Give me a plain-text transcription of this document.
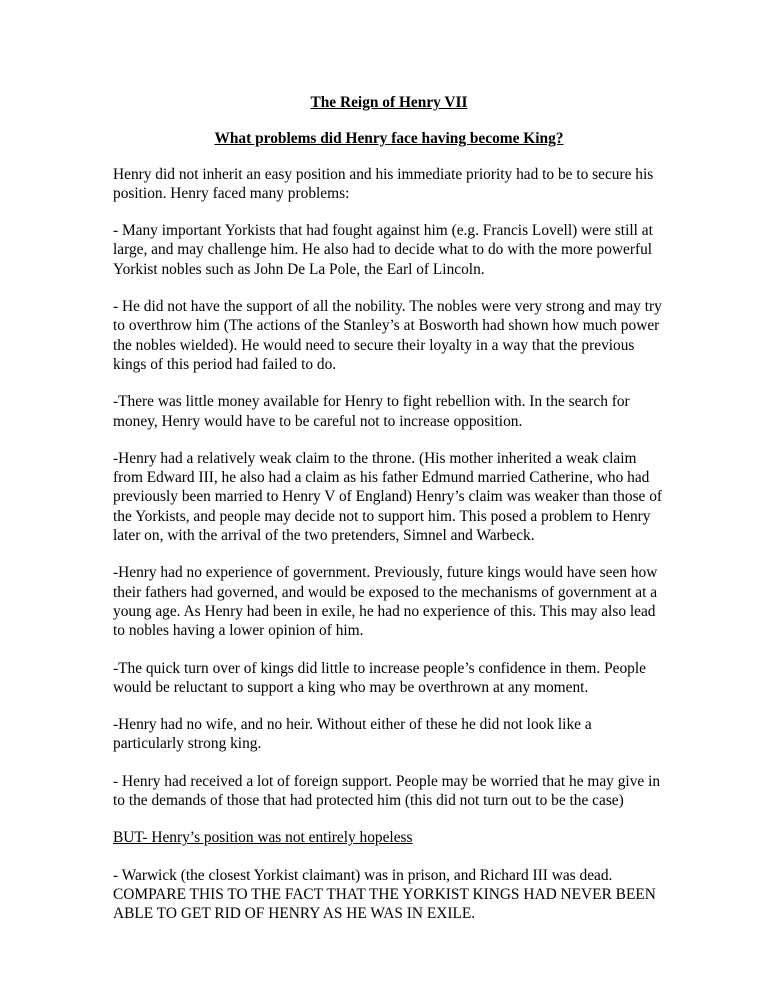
The Reign of Henry VII

What problems did Henry face having become King?

Henry did not inherit an easy position and his immediate priority had to be to secure his position. Henry faced many problems:

- Many important Yorkists that had fought against him (e.g. Francis Lovell) were still at large, and may challenge him. He also had to decide what to do with the more powerful Yorkist nobles such as John De La Pole, the Earl of Lincoln.

- He did not have the support of all the nobility. The nobles were very strong and may try to overthrow him (The actions of the Stanley’s at Bosworth had shown how much power the nobles wielded). He would need to secure their loyalty in a way that the previous kings of this period had failed to do.

-There was little money available for Henry to fight rebellion with. In the search for money, Henry would have to be careful not to increase opposition.

-Henry had a relatively weak claim to the throne. (His mother inherited a weak claim from Edward III, he also had a claim as his father Edmund married Catherine, who had previously been married to Henry V of England) Henry’s claim was weaker than those of the Yorkists, and people may decide not to support him. This posed a problem to Henry later on, with the arrival of the two pretenders, Simnel and Warbeck.

-Henry had no experience of government. Previously, future kings would have seen how their fathers had governed, and would be exposed to the mechanisms of government at a young age. As Henry had been in exile, he had no experience of this. This may also lead to nobles having a lower opinion of him.

-The quick turn over of kings did little to increase people’s confidence in them. People would be reluctant to support a king who may be overthrown at any moment.

-Henry had no wife, and no heir. Without either of these he did not look like a particularly strong king.

- Henry had received a lot of foreign support. People may be worried that he may give in to the demands of those that had protected him (this did not turn out to be the case)

BUT- Henry’s position was not entirely hopeless

- Warwick (the closest Yorkist claimant) was in prison, and Richard III was dead. COMPARE THIS TO THE FACT THAT THE YORKIST KINGS HAD NEVER BEEN ABLE TO GET RID OF HENRY AS HE WAS IN EXILE.
